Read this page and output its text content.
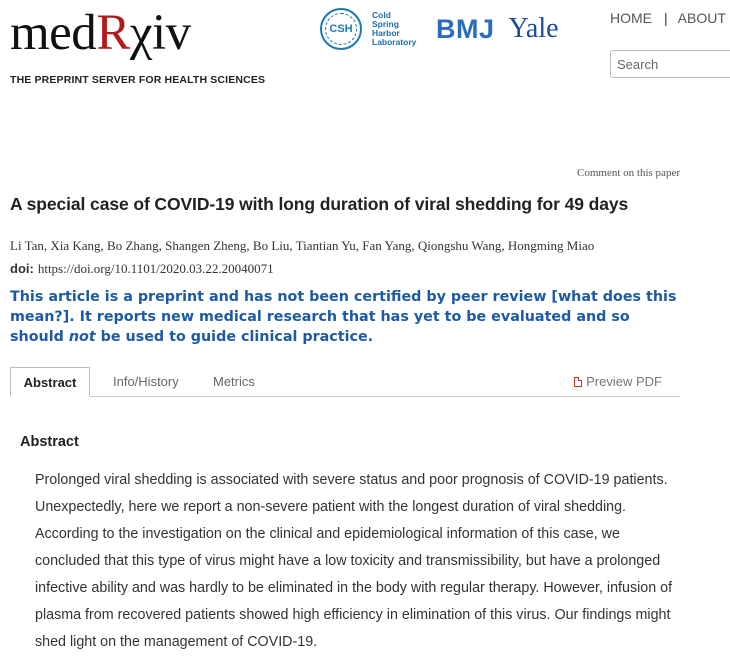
medRχiv
THE PREPRINT SERVER FOR HEALTH SCIENCES
CSH
Cold
Spring
Harbor
Laboratory BMJ Yale	HOME | ABOUT
Search
Comment on this paper
A special case of COVID-19 with long duration of viral shedding for 49 days
Li Tan, Xia Kang, Bo Zhang, Shangen Zheng, Bo Liu, Tiantian Yu, Fan Yang, Qiongshu Wang, Hongming Miao
doi: https://doi.org/10.1101/2020.03.22.20040071

This article is a preprint and has not been certified by peer review [what does this mean?]. It reports new medical research that has yet to be evaluated and so should not be used to guide clinical practice.

Abstract	Info/History	Metrics	Preview PDF
Abstract

Prolonged viral shedding is associated with severe status and poor prognosis of COVID-19 patients. Unexpectedly, here we report a non-severe patient with the longest duration of viral shedding. According to the investigation on the clinical and epidemiological information of this case, we concluded that this type of virus might have a low toxicity and transmissibility, but have a prolonged infective ability and was hardly to be eliminated in the body with regular therapy. However, infusion of plasma from recovered patients showed high efficiency in elimination of this virus. Our findings might shed light on the management of COVID-19.
